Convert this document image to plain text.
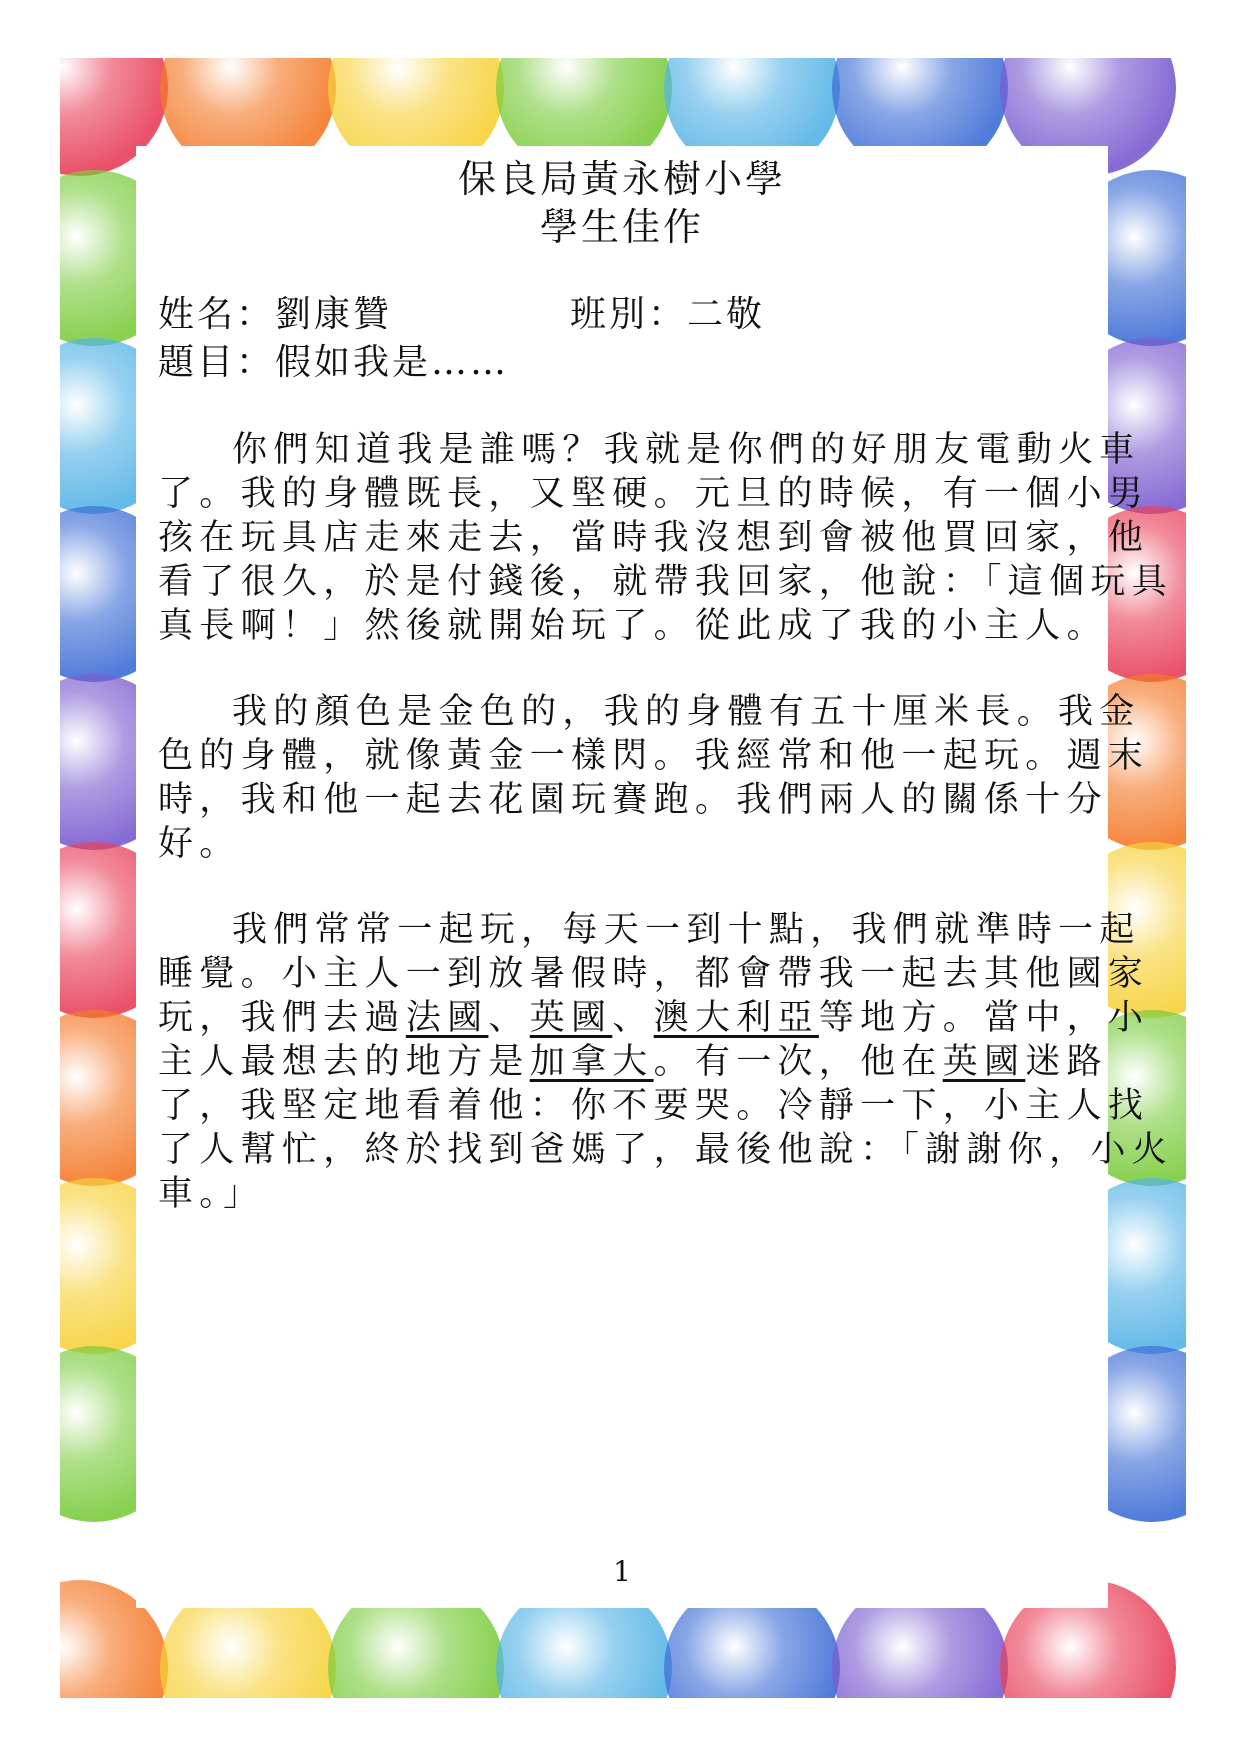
保良局黃永樹小學
學生佳作
姓名：劉康贊	班別：二敬
題目：假如我是……
你們知道我是誰嗎？我就是你們的好朋友電動火車
了。我的身體既長，又堅硬。元旦的時候，有一個小男
孩在玩具店走來走去，當時我沒想到會被他買回家，他
看了很久，於是付錢後，就帶我回家，他說：「這個玩具
真長啊！」然後就開始玩了。從此成了我的小主人。
我的顏色是金色的，我的身體有五十厘米長。我金
色的身體，就像黃金一樣閃。我經常和他一起玩。週末
時，我和他一起去花園玩賽跑。我們兩人的關係十分
好。
我們常常一起玩，每天一到十點，我們就準時一起
睡覺。小主人一到放暑假時，都會帶我一起去其他國家
玩，我們去過法國、英國、澳大利亞等地方。當中，小
主人最想去的地方是加拿大。有一次，他在英國迷路
了，我堅定地看着他：你不要哭。冷靜一下，小主人找
了人幫忙，終於找到爸媽了，最後他說：「謝謝你，小火
車。」
1
